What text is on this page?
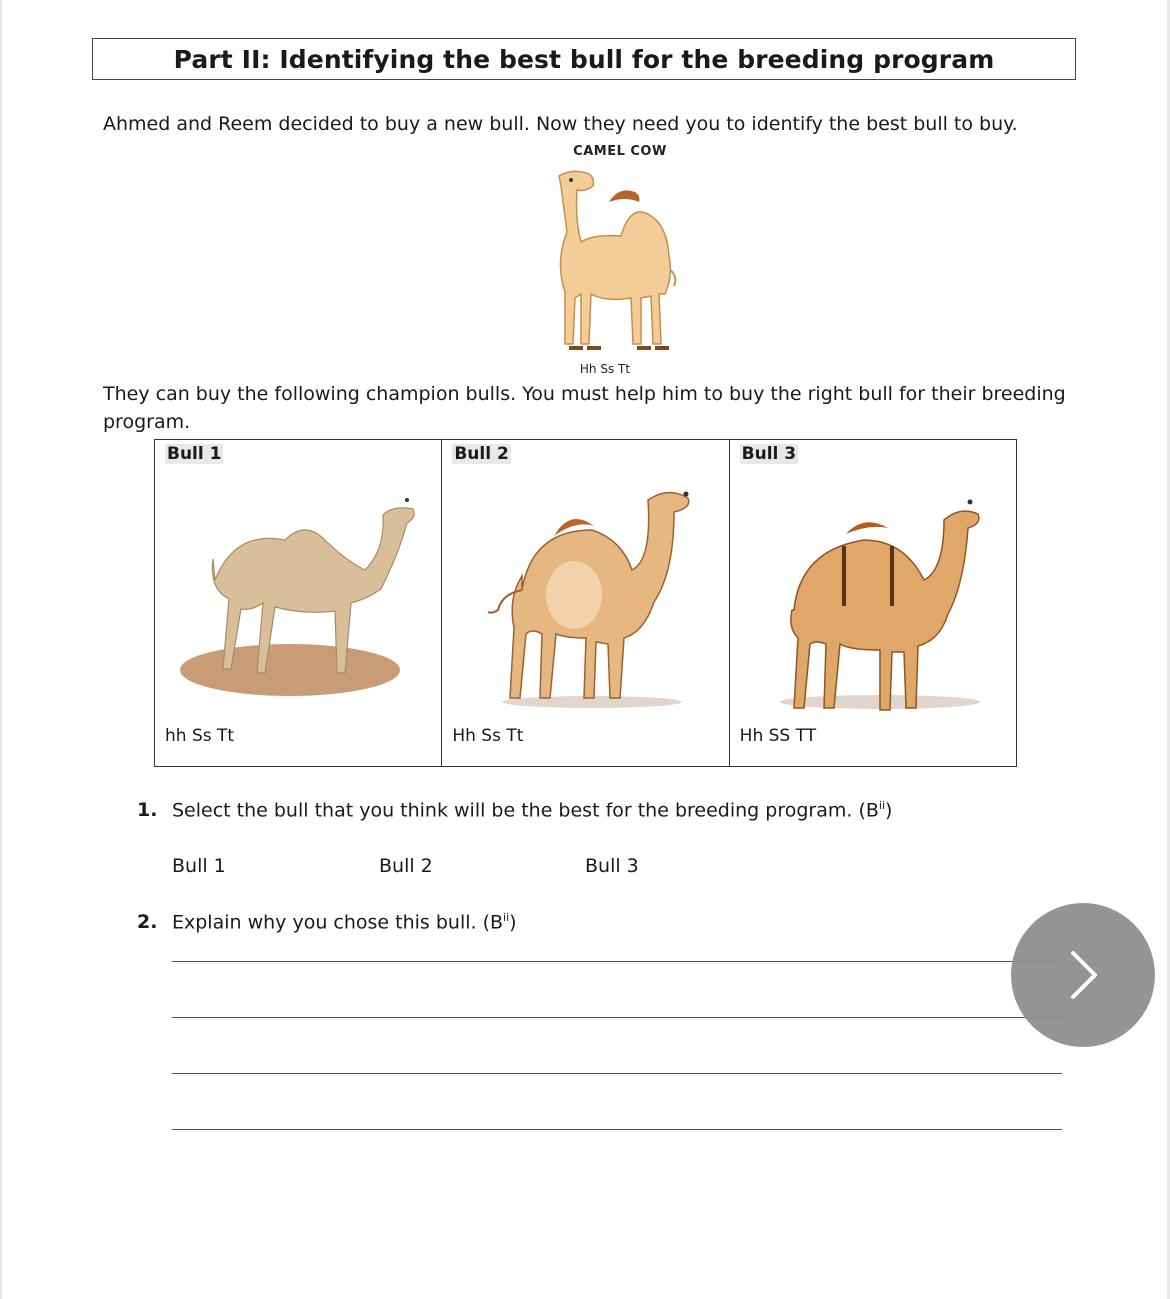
Part II: Identifying the best bull for the breeding program
Ahmed and Reem decided to buy a new bull. Now they need you to identify the best bull to buy.
CAMEL COW
Hh Ss Tt
They can buy the following champion bulls. You must help him to buy the right bull for their breeding
program.
Bull 1
hh Ss Tt

Bull 2
Hh Ss Tt

Bull 3
Hh SS TT
1. Select the bull that you think will be the best for the breeding program. $(B^{ii})$
Bull 1	Bull 2	Bull 3
2. Explain why you chose this bull. $(B^{ii})$
